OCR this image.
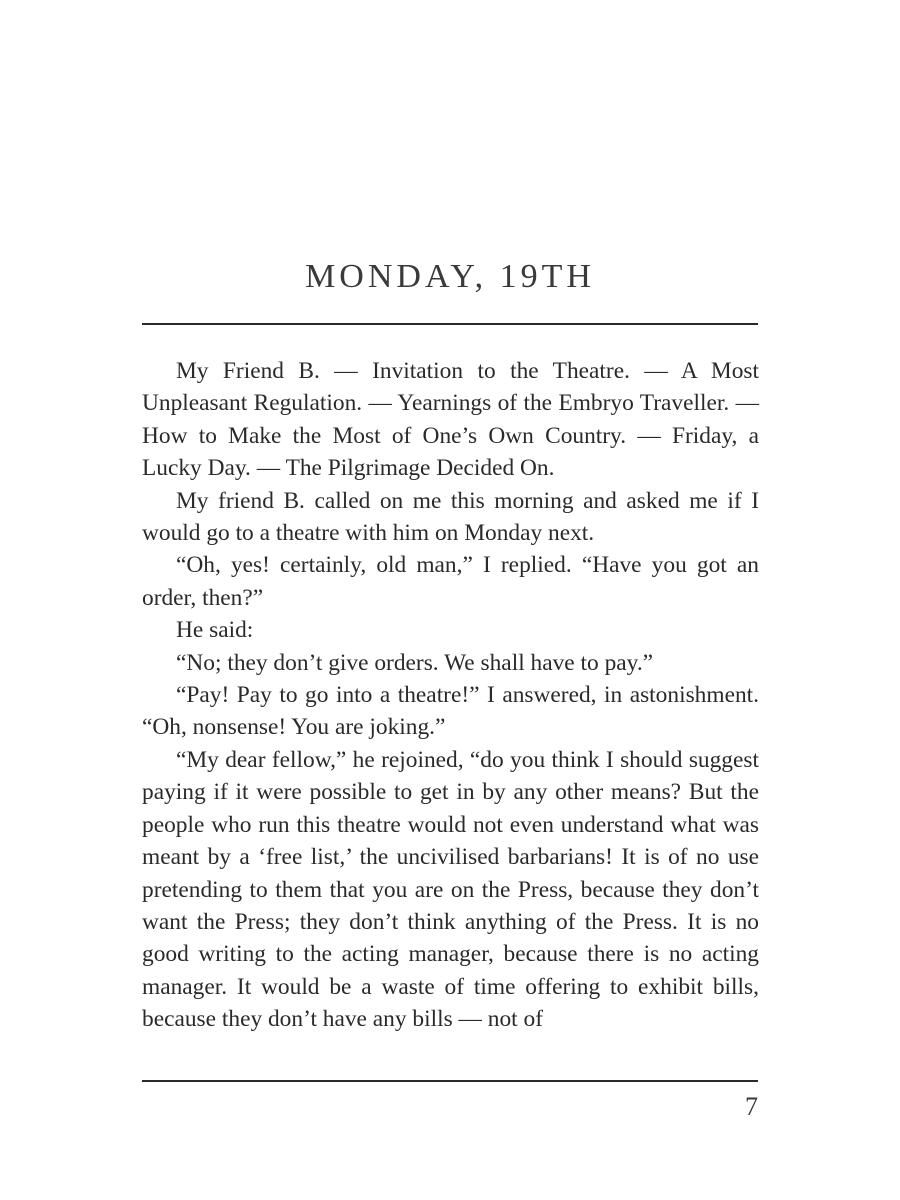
MONDAY, 19TH

My Friend B. — Invitation to the Theatre. — A Most Unpleasant Regulation. — Yearnings of the Embryo Traveller. — How to Make the Most of One’s Own Country. — Friday, a Lucky Day. — The Pilgrimage Decided On.

My friend B. called on me this morning and asked me if I would go to a theatre with him on Monday next.

“Oh, yes! certainly, old man,” I replied. “Have you got an order, then?”

He said:

“No; they don’t give orders. We shall have to pay.”

“Pay! Pay to go into a theatre!” I answered, in astonishment. “Oh, nonsense! You are joking.”

“My dear fellow,” he rejoined, “do you think I should suggest paying if it were possible to get in by any other means? But the people who run this theatre would not even understand what was meant by a ‘free list,’ the uncivilised barbarians! It is of no use pretending to them that you are on the Press, because they don’t want the Press; they don’t think anything of the Press. It is no good writing to the acting manager, because there is no acting manager. It would be a waste of time offering to exhibit bills, because they don’t have any bills — not of

7
